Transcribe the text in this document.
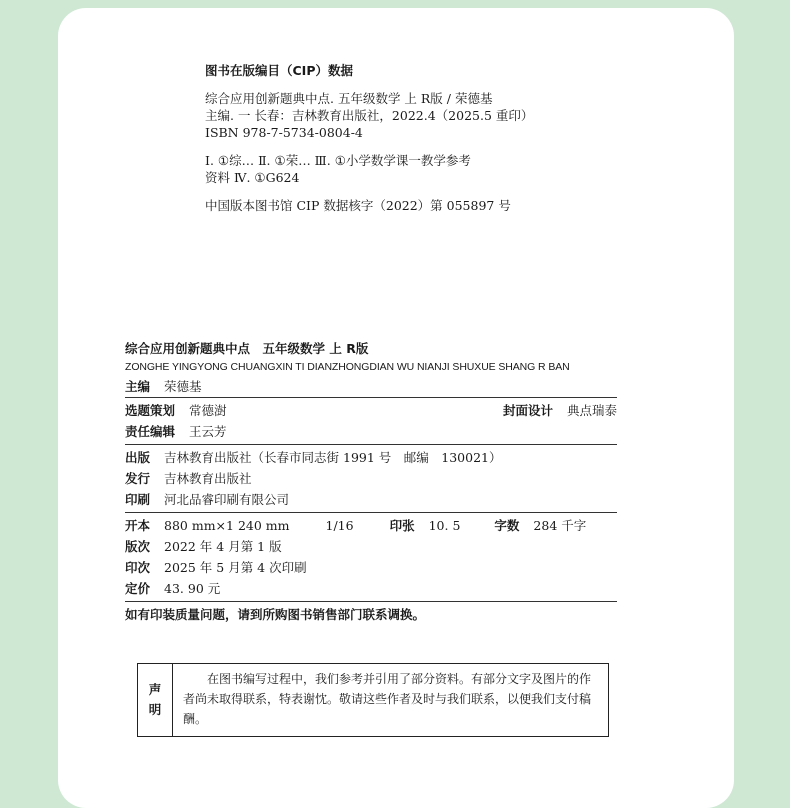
图书在版编目（CIP）数据
综合应用创新题典中点. 五年级数学 上 R版 / 荣德基
主编. 一 长春：吉林教育出版社，2022.4（2025.5 重印）
ISBN 978-7-5734-0804-4
Ⅰ. ①综… Ⅱ. ①荣… Ⅲ. ①小学数学课一教学参考
资料 Ⅳ. ①G624
中国版本图书馆 CIP 数据核字（2022）第 055897 号
综合应用创新题典中点　五年级数学 上 R版
ZONGHE YINGYONG CHUANGXIN TI DIANZHONGDIAN WU NIANJI SHUXUE SHANG R BAN
主编 荣德基
选题策划 常德澍	封面设计 典点瑞泰
责任编辑 王云芳
出版 吉林教育出版社（长春市同志街 1991 号　邮编　130021）
发行 吉林教育出版社
印刷 河北品睿印刷有限公司
开本 880 mm×1 240 mm	1/16	印张 10. 5	字数 284 千字
版次 2022 年 4 月第 1 版
印次 2025 年 5 月第 4 次印刷
定价 43. 90 元
如有印装质量问题，请到所购图书销售部门联系调换。
声
明
在图书编写过程中，我们参考并引用了部分资料。有部分文字及图片的作者尚未取得联系，特表谢忱。敬请这些作者及时与我们联系，以便我们支付稿酬。
